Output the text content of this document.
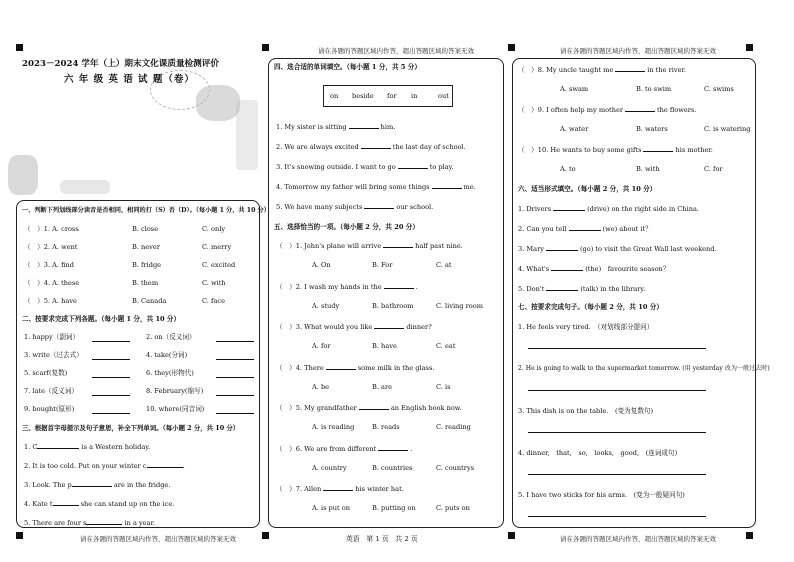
请在各题的答题区域内作答，超出答题区域的答案无效	请在各题的答题区域内作答，超出答题区域的答案无效
2023－2024 学年（上）期末文化课质量检测评价
六 年 级 英 语 试 题（卷）
一、判断下列划线部分读音是否相同，相同的打（S）否（D）。（每小题 1 分，共 10 分）
（　）1. A. cross	B. close	C. only
（　）2. A. went	B. never	C. merry
（　）3. A. find	B. fridge	C. excited
（　）4. A. these	B. them	C. with
（　）5. A. have	B. Canada	C. face
二、按要求完成下列各题。（每小题 1 分，共 10 分）
1. happy（副词）	2. on（反义词）
3. write（过去式）	4. take(分词)
5. scarf(复数)	6. they(形物代)
7. late（反义词）	8. February(缩写)
9. bought(原形)	10. where(同音词)
三、根据首字母提示及句子意思，补全下列单词。（每小题 2 分，共 10 分）
1. C	is a Western holiday.
2. It is too cold. Put on your winter c	.
3. Look. The p	are in the fridge.
4. Kate t	she can stand up on the ice.
5. There are four s	in a year.
四、选合适的单词填空。（每小题 1 分，共 5 分）
on beside for in	out
1. My sister is sitting	him.
2. We are always excited	the last day of school.
3. It's snowing outside. I want to go	to play.
4. Tomorrow my father will bring some things	me.
5. We have many subjects	our school.
五、选择恰当的一项。（每小题 2 分，共 20 分）
（　）1. John's plane will arrive	half past nine.
A. On	B. For	C. at
（　）2. I wash my hands in the	.
A. study	B. bathroom	C. living room
（　）3. What would you like	dinner?
A. for	B. have	C. eat
（　）4. There	some milk in the glass.
A. be	B. are	C. is
（　）5. My grandfather	an English book now.
A. is reading	B. reads	C. reading
（　）6. We are from different	.
A. country	B. countries	C. countrys
（　）7. Allen	his winter hat.
A. is put on	B. putting on	C. puts on
（　）8. My uncle taught me	in the river.
A. swam	B. to swim	C. swims
（　）9. I often help my mother	the flowers.
A. water	B. waters	C. is watering
（　）10. He wants to buy some gifts	his mother.
A. to	B. with	C. for
六、适当形式填空。（每小题 2 分，共 10 分）
1. Drivers	(drive) on the right side in China.
2. Can you tell	(we) about it？
3. Mary	(go) to visit the Great Wall last weekend.
4. What's	(the)　favourite season？
5. Don't	(talk) in the library.
七、按要求完成句子。（每小题 2 分，共 10 分）
1. He feels very tired.　（对划线部分提问）
2. He is going to walk to the supermarket tomorrow. (用 yesterday 改为一般过去时)
3. This dish is on the table.　(变为复数句)
4. dinner,　that,　so,　looks,　good,　(连词成句)
5. I have two sticks for his arms.　(变为一般疑问句)
请在各题的答题区域内作答，超出答题区域的答案无效	英语　第 1 页　共 2 页	请在各题的答题区域内作答，超出答题区域的答案无效
